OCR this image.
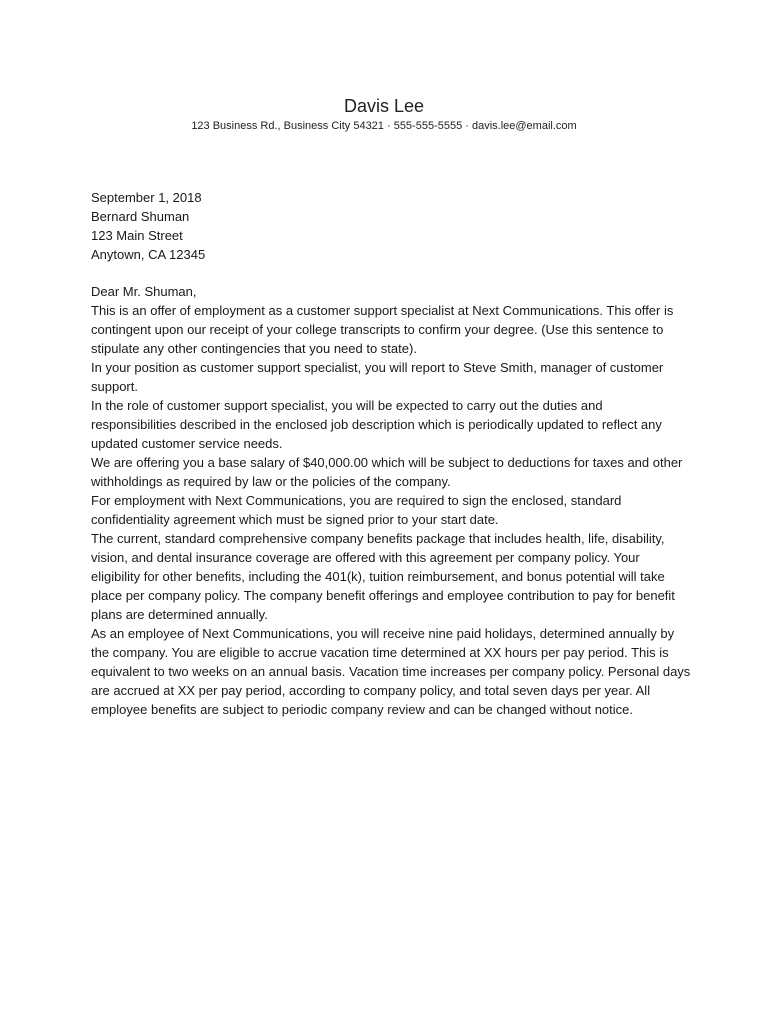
Davis Lee
123 Business Rd., Business City 54321 · 555-555-5555 · davis.lee@email.com

September 1, 2018

Bernard Shuman
123 Main Street
Anytown, CA 12345

Dear Mr. Shuman,

This is an offer of employment as a customer support specialist at Next Communications. This offer is contingent upon our receipt of your college transcripts to confirm your degree. (Use this sentence to stipulate any other contingencies that you need to state).

In your position as customer support specialist, you will report to Steve Smith, manager of customer support.

In the role of customer support specialist, you will be expected to carry out the duties and responsibilities described in the enclosed job description which is periodically updated to reflect any updated customer service needs.

We are offering you a base salary of $40,000.00 which will be subject to deductions for taxes and other withholdings as required by law or the policies of the company.

For employment with Next Communications, you are required to sign the enclosed, standard confidentiality agreement which must be signed prior to your start date.

The current, standard comprehensive company benefits package that includes health, life, disability, vision, and dental insurance coverage are offered with this agreement per company policy. Your eligibility for other benefits, including the 401(k), tuition reimbursement, and bonus potential will take place per company policy. The company benefit offerings and employee contribution to pay for benefit plans are determined annually.

As an employee of Next Communications, you will receive nine paid holidays, determined annually by the company. You are eligible to accrue vacation time determined at XX hours per pay period. This is equivalent to two weeks on an annual basis. Vacation time increases per company policy. Personal days are accrued at XX per pay period, according to company policy, and total seven days per year. All employee benefits are subject to periodic company review and can be changed without notice.
